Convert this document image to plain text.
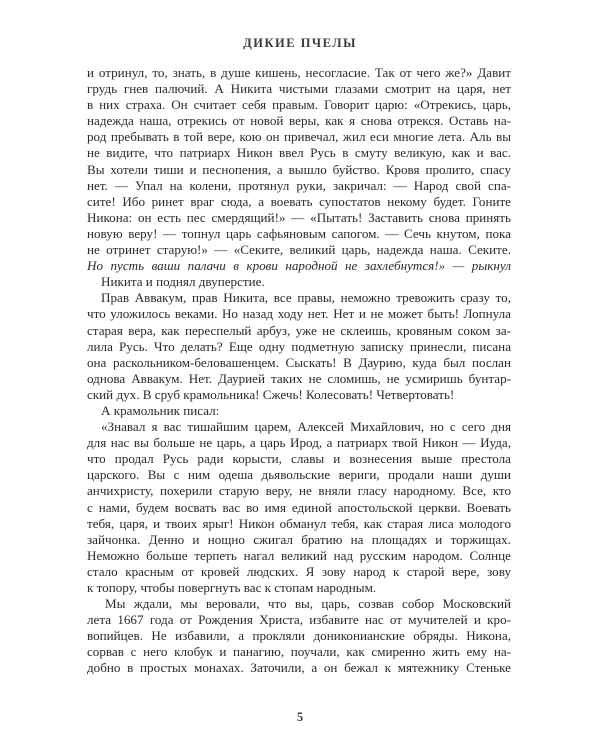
ДИКИЕ ПЧЕЛЫ
и отринул, то, знать, в душе кишень, несогласие. Так от чего же?» Давит
грудь гнев палючий. А Никита чистыми глазами смотрит на царя, нет
в них страха. Он считает себя правым. Говорит царю: «Отрекись, царь,
надежда наша, отрекись от новой веры, как я снова отрекся. Оставь на-
род пребывать в той вере, кою он привечал, жил еси многие лета. Аль вы
не видите, что патриарх Никон ввел Русь в смуту великую, как и вас.
Вы хотели тиши и песнопения, а вышло буйство. Кровя пролито, спасу
нет. — Упал на колени, протянул руки, закричал: — Народ свой спа-
сите! Ибо ринет враг сюда, а воевать супостатов некому будет. Гоните
Никона: он есть пес смердящий!» — «Пытать! Заставить снова принять
новую веру! — топнул царь сафьяновым сапогом. — Сечь кнутом, пока
не отринет старую!» — «Секите, великий царь, надежда наша. Секите.
Но пусть ваши палачи в крови народной не захлебнутся!» — рыкнул
Никита и поднял двуперстие.
Прав Аввакум, прав Никита, все правы, неможно тревожить сразу то,
что уложилось веками. Но назад ходу нет. Нет и не может быть! Лопнула
старая вера, как переспелый арбуз, уже не склеишь, кровяным соком за-
лила Русь. Что делать? Еще одну подметную записку принесли, писана
она раскольником-беловашенцем. Сыскать! В Даурию, куда был послан
однова Аввакум. Нет. Даурией таких не сломишь, не усмиришь бунтар-
ский дух. В сруб крамольника! Сжечь! Колесовать! Четвертовать!
А крамольник писал:
«Знавал я вас тишайшим царем, Алексей Михайлович, но с сего дня
для нас вы больше не царь, а царь Ирод, а патриарх твой Никон — Иуда,
что продал Русь ради корысти, славы и вознесения выше престола
царского. Вы с ним одеша дьявольские вериги, продали наши души
анчихристу, похерили старую веру, не вняли гласу народному. Все, кто
с нами, будем восвать вас во имя единой апостольской церкви. Воевать
тебя, царя, и твоих ярыг! Никон обманул тебя, как старая лиса молодого
зайчонка. Денно и нощно сжигал братию на площадях и торжищах.
Неможно больше терпеть нагал великий над русским народом. Солнце
стало красным от кровей людских. Я зову народ к старой вере, зову
к топору, чтобы повергнуть вас к стопам народным.
Мы ждали, мы веровали, что вы, царь, созвав собор Московский
лета 1667 года от Рождения Христа, избавите нас от мучителей и кро-
вопийцев. Не избавили, а прокляли дониконианские обряды. Никона,
сорвав с него клобук и панагию, поучали, как смиренно жить ему на-
добно в простых монахах. Заточили, а он бежал к мятежнику Стеньке
5
